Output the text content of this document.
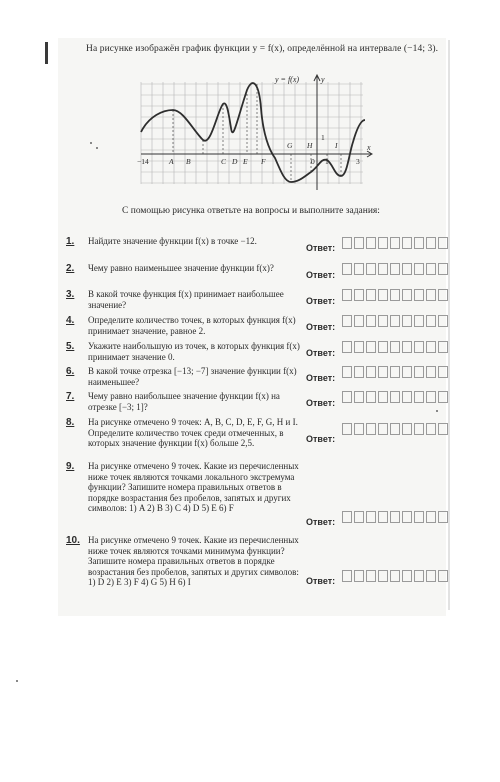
На рисунке изображён график функции y = f(x), определённой на интервале (−14; 3).
y = f(x)	y
x
−14	A B	C D E F
G H	I
1
1
0	3
С помощью рисунка ответьте на вопросы и выполните задания:
1.	Найдите значение функции f(x) в точке −12.
Ответ:
2.	Чему равно наименьшее значение функции f(x)?
Ответ:
3.	В какой точке функция f(x) принимает наибольшее значение?	Ответ:
4.	Определите количество точек, в которых функция f(x) принимает значение, равное 2.	Ответ:
5.	Укажите наибольшую из точек, в которых функция f(x) принимает значение 0.	Ответ:
6.	В какой точке отрезка [−13; −7] значение функции f(x) наименьшее?	Ответ:
7.	Чему равно наибольшее значение функции f(x) на отрезке [−3; 1]?	Ответ:
8.	На рисунке отмечено 9 точек: A, B, C, D, E, F, G, H и I. Определите количество точек среди отмеченных, в которых значение функции f(x) больше 2,5.	Ответ:
9.	На рисунке отмечено 9 точек. Какие из перечисленных ниже точек являются точками локального экстремума функции? Запишите номера правильных ответов в порядке возрастания без пробелов, запятых и других символов: 1) A 2) B 3) C 4) D 5) E 6) F
Ответ:
10. На рисунке отмечено 9 точек. Какие из перечисленных ниже точек являются точками минимума функции? Запишите номера правильных ответов в порядке возрастания без пробелов, запятых и других символов: 1) D 2) E 3) F 4) G 5) H 6) I	Ответ:
